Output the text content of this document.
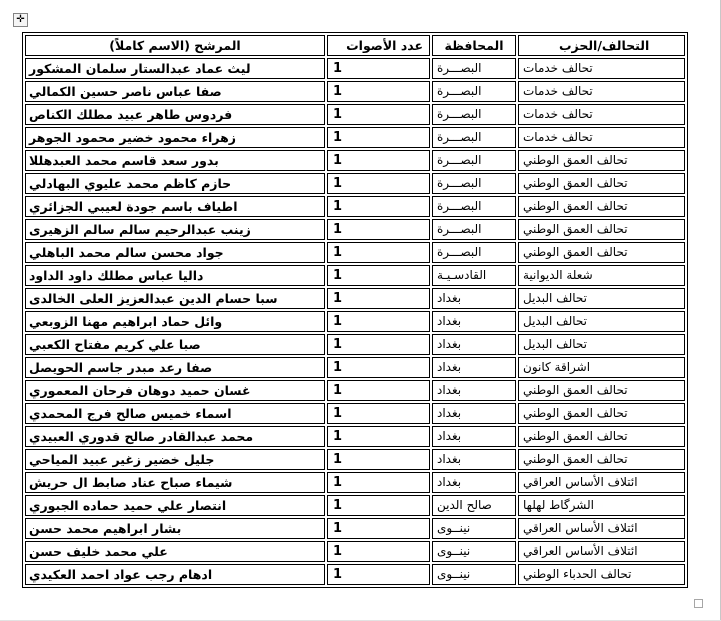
✛
المرشح (الاسم كاملاً)	عدد الأصوات	المحافظة	التحالف/الحزب
ليث عماد عبدالستار سلمان المشكور	1	البصـــرة	تحالف خدمات
صفا عباس ناصر حسين الكمالي	1	البصـــرة	تحالف خدمات
فردوس طاهر عبيد مطلك الكناص	1	البصـــرة	تحالف خدمات
زهراء محمود خضير محمود الجوهر	1	البصـــرة	تحالف خدمات
بدور سعد قاسم محمد العبدهللا	1	البصـــرة	تحالف العمق الوطني
حازم كاظم محمد عليوي البهادلي	1	البصـــرة	تحالف العمق الوطني
اطياف باسم جودة لعيبي الجزائري	1	البصـــرة	تحالف العمق الوطني
زينب عبدالرحيم سالم سالم الزهيرى	1	البصـــرة	تحالف العمق الوطني
جواد محسن سالم محمد الباهلي	1	البصـــرة	تحالف العمق الوطني
داليا عباس مطلك داود الداود	1	القادسـيـة	شعلة الديوانية
سبا حسام الدين عبدالعزيز العلى الخالدى	1	بغداد	تحالف البديل
وائل حماد ابراهيم مهنا الزوبعي	1	بغداد	تحالف البديل
صبا علي كريم مفتاح الكعبي	1	بغداد	تحالف البديل
صفا رعد مبدر جاسم الحويصل	1	بغداد	اشراقة كانون
غسان حميد دوهان فرحان المعموري	1	بغداد	تحالف العمق الوطني
اسماء خميس صالح فرج المحمدي	1	بغداد	تحالف العمق الوطني
محمد عبدالقادر صالح قدوري العبيدي	1	بغداد	تحالف العمق الوطني
جليل خضير زغير عبيد المياحي	1	بغداد	تحالف العمق الوطني
شيماء صباح عناد صابط ال حريش	1	بغداد	ائتلاف الأساس العراقي
انتصار علي حميد حماده الجبوري	1	صالح الدين	الشرگاط لهلها
بشار ابراهيم محمد حسن	1	نينــوى	ائتلاف الأساس العراقي
علي محمد خليف حسن	1	نينــوى	ائتلاف الأساس العراقي
ادهام رجب عواد احمد العكيدي	1	نينــوى	تحالف الحدباء الوطني
